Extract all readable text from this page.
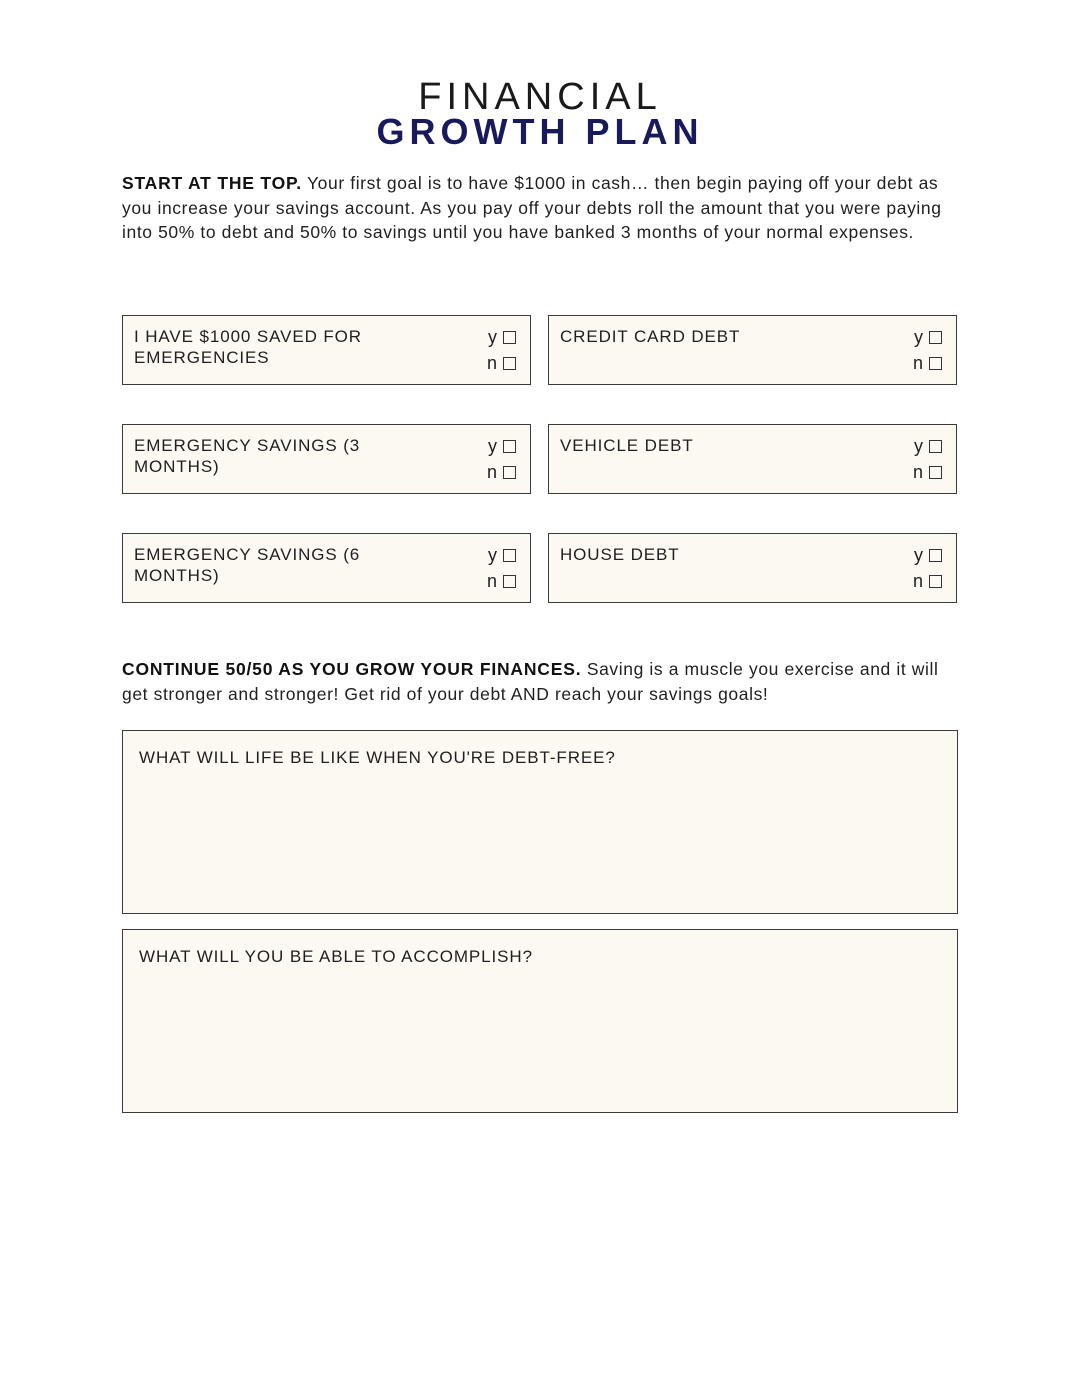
FINANCIAL
GROWTH PLAN
START AT THE TOP. Your first goal is to have $1000 in cash… then begin paying off your debt as you increase your savings account. As you pay off your debts roll the amount that you were paying into 50% to debt and 50% to savings until you have banked 3 months of your normal expenses.
I HAVE $1000 SAVED FOR EMERGENCIES
y
n
CREDIT CARD DEBT	y
n
EMERGENCY SAVINGS (3 MONTHS)
y
n
VEHICLE DEBT	y
n
EMERGENCY SAVINGS (6 MONTHS)
y
n
HOUSE DEBT	y
n
CONTINUE 50/50 AS YOU GROW YOUR FINANCES. Saving is a muscle you exercise and it will get stronger and stronger! Get rid of your debt AND reach your savings goals!
WHAT WILL LIFE BE LIKE WHEN YOU'RE DEBT-FREE?
WHAT WILL YOU BE ABLE TO ACCOMPLISH?
